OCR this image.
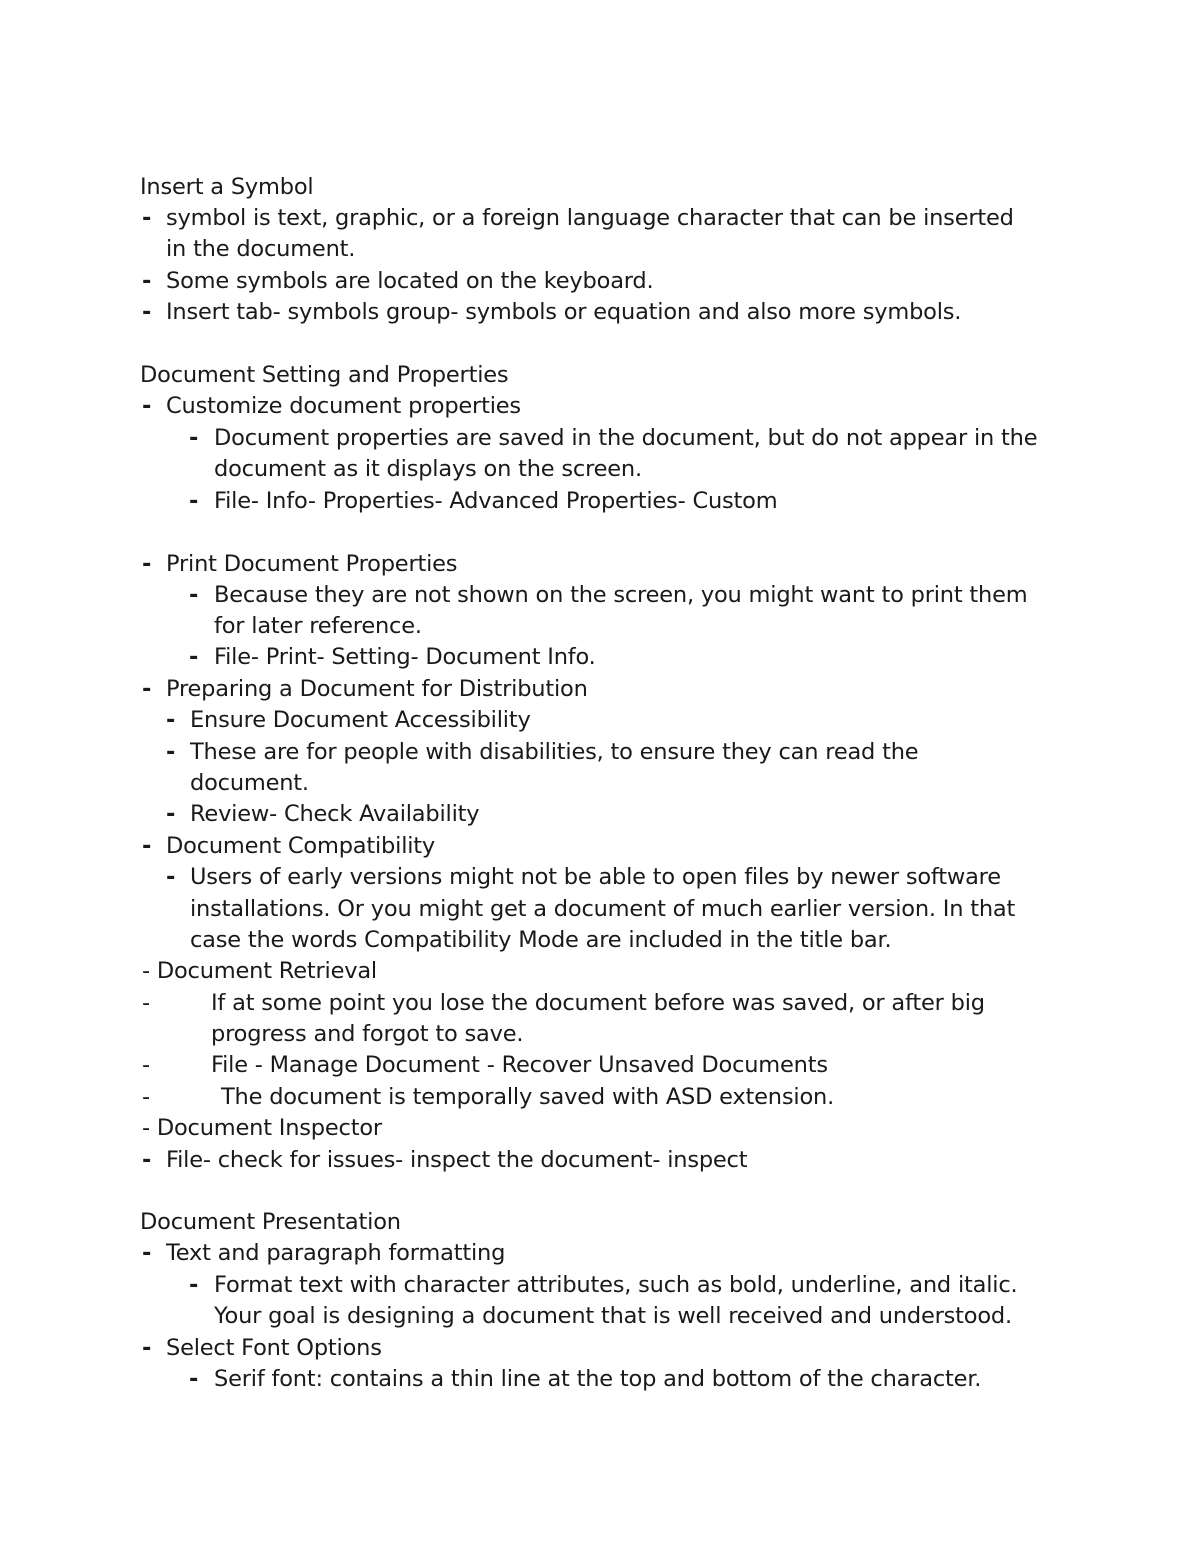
Insert a Symbol
- symbol is text, graphic, or a foreign language character that can be inserted
in the document.
- Some symbols are located on the keyboard.
- Insert tab- symbols group- symbols or equation and also more symbols.
Document Setting and Properties
- Customize document properties
- Document properties are saved in the document, but do not appear in the
document as it displays on the screen.
- File- Info- Properties- Advanced Properties- Custom
- Print Document Properties
- Because they are not shown on the screen, you might want to print them
for later reference.
- File- Print- Setting- Document Info.
- Preparing a Document for Distribution
- Ensure Document Accessibility
- These are for people with disabilities, to ensure they can read the
document.
- Review- Check Availability
- Document Compatibility
- Users of early versions might not be able to open files by newer software
installations. Or you might get a document of much earlier version. In that
case the words Compatibility Mode are included in the title bar.
- Document Retrieval
-	If at some point you lose the document before was saved, or after big
progress and forgot to save.
-	File - Manage Document - Recover Unsaved Documents
-	The document is temporally saved with ASD extension.
- Document Inspector
- File- check for issues- inspect the document- inspect
Document Presentation
- Text and paragraph formatting
- Format text with character attributes, such as bold, underline, and italic.
Your goal is designing a document that is well received and understood.
- Select Font Options
- Serif font: contains a thin line at the top and bottom of the character.
